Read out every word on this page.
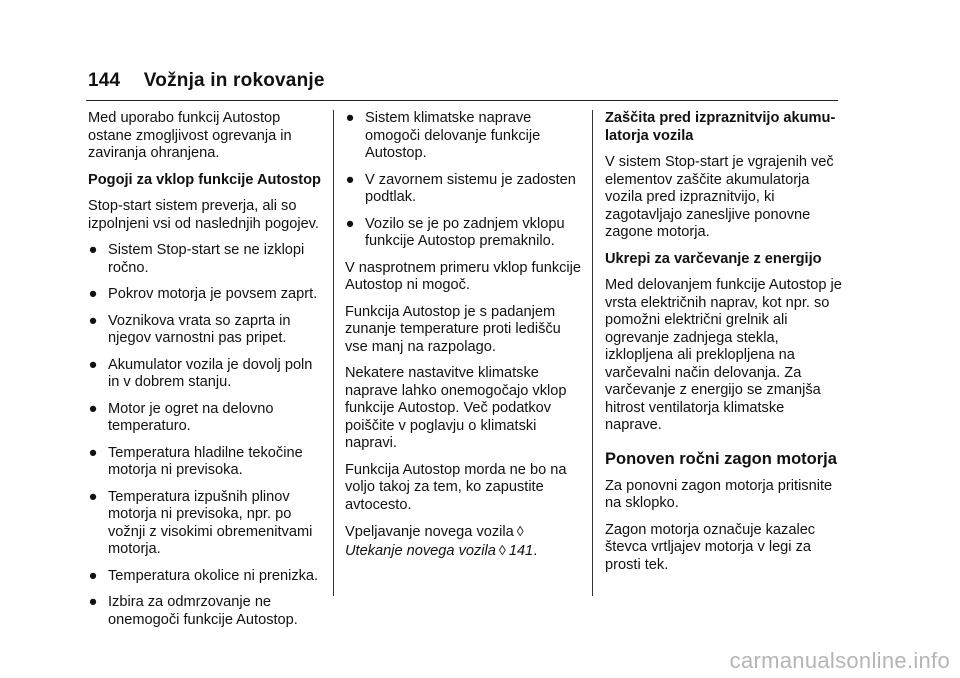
144 Vožnja in rokovanje

Med uporabo funkcij Autostop ostane zmogljivost ogrevanja in zaviranja ohranjena.

Pogoji za vklop funkcije Autostop

Stop-start sistem preverja, ali so izpolnjeni vsi od naslednjih pogojev.

● Sistem Stop-start se ne izklopi ročno.
● Pokrov motorja je povsem zaprt.
● Voznikova vrata so zaprta in njegov varnostni pas pripet.
● Akumulator vozila je dovolj poln in v dobrem stanju.
● Motor je ogret na delovno temperaturo.
● Temperatura hladilne tekočine motorja ni previsoka.
● Temperatura izpušnih plinov motorja ni previsoka, npr. po vožnji z visokimi obremenitvami motorja.
● Temperatura okolice ni prenizka.
● Izbira za odmrzovanje ne onemogoči funkcije Autostop.
● Sistem klimatske naprave omogoči delovanje funkcije Autostop.
● V zavornem sistemu je zadosten podtlak.
● Vozilo se je po zadnjem vklopu funkcije Autostop premaknilo.

V nasprotnem primeru vklop funkcije Autostop ni mogoč.

Funkcija Autostop je s padanjem zunanje temperature proti ledišču vse manj na razpolago.

Nekatere nastavitve klimatske naprave lahko onemogočajo vklop funkcije Autostop. Več podatkov poiščite v poglavju o klimatski napravi.

Funkcija Autostop morda ne bo na voljo takoj za tem, ko zapustite avtocesto.

Vpeljavanje novega vozila ◊
Utekanje novega vozila ◊ 141.

Zaščita pred izpraznitvijo akumu-
latorja vozila

V sistem Stop-start je vgrajenih več elementov zaščite akumulatorja vozila pred izpraznitvijo, ki zagotavljajo zanesljive ponovne zagone motorja.

Ukrepi za varčevanje z energijo

Med delovanjem funkcije Autostop je vrsta električnih naprav, kot npr. so pomožni električni grelnik ali ogrevanje zadnjega stekla, izklopljena ali preklopljena na varčevalni način delovanja. Za varčevanje z energijo se zmanjša hitrost ventilatorja klimatske naprave.

Ponoven ročni zagon motorja

Za ponovni zagon motorja pritisnite na sklopko.

Zagon motorja označuje kazalec števca vrtljajev motorja v legi za prosti tek.

carmanualsonline.info
